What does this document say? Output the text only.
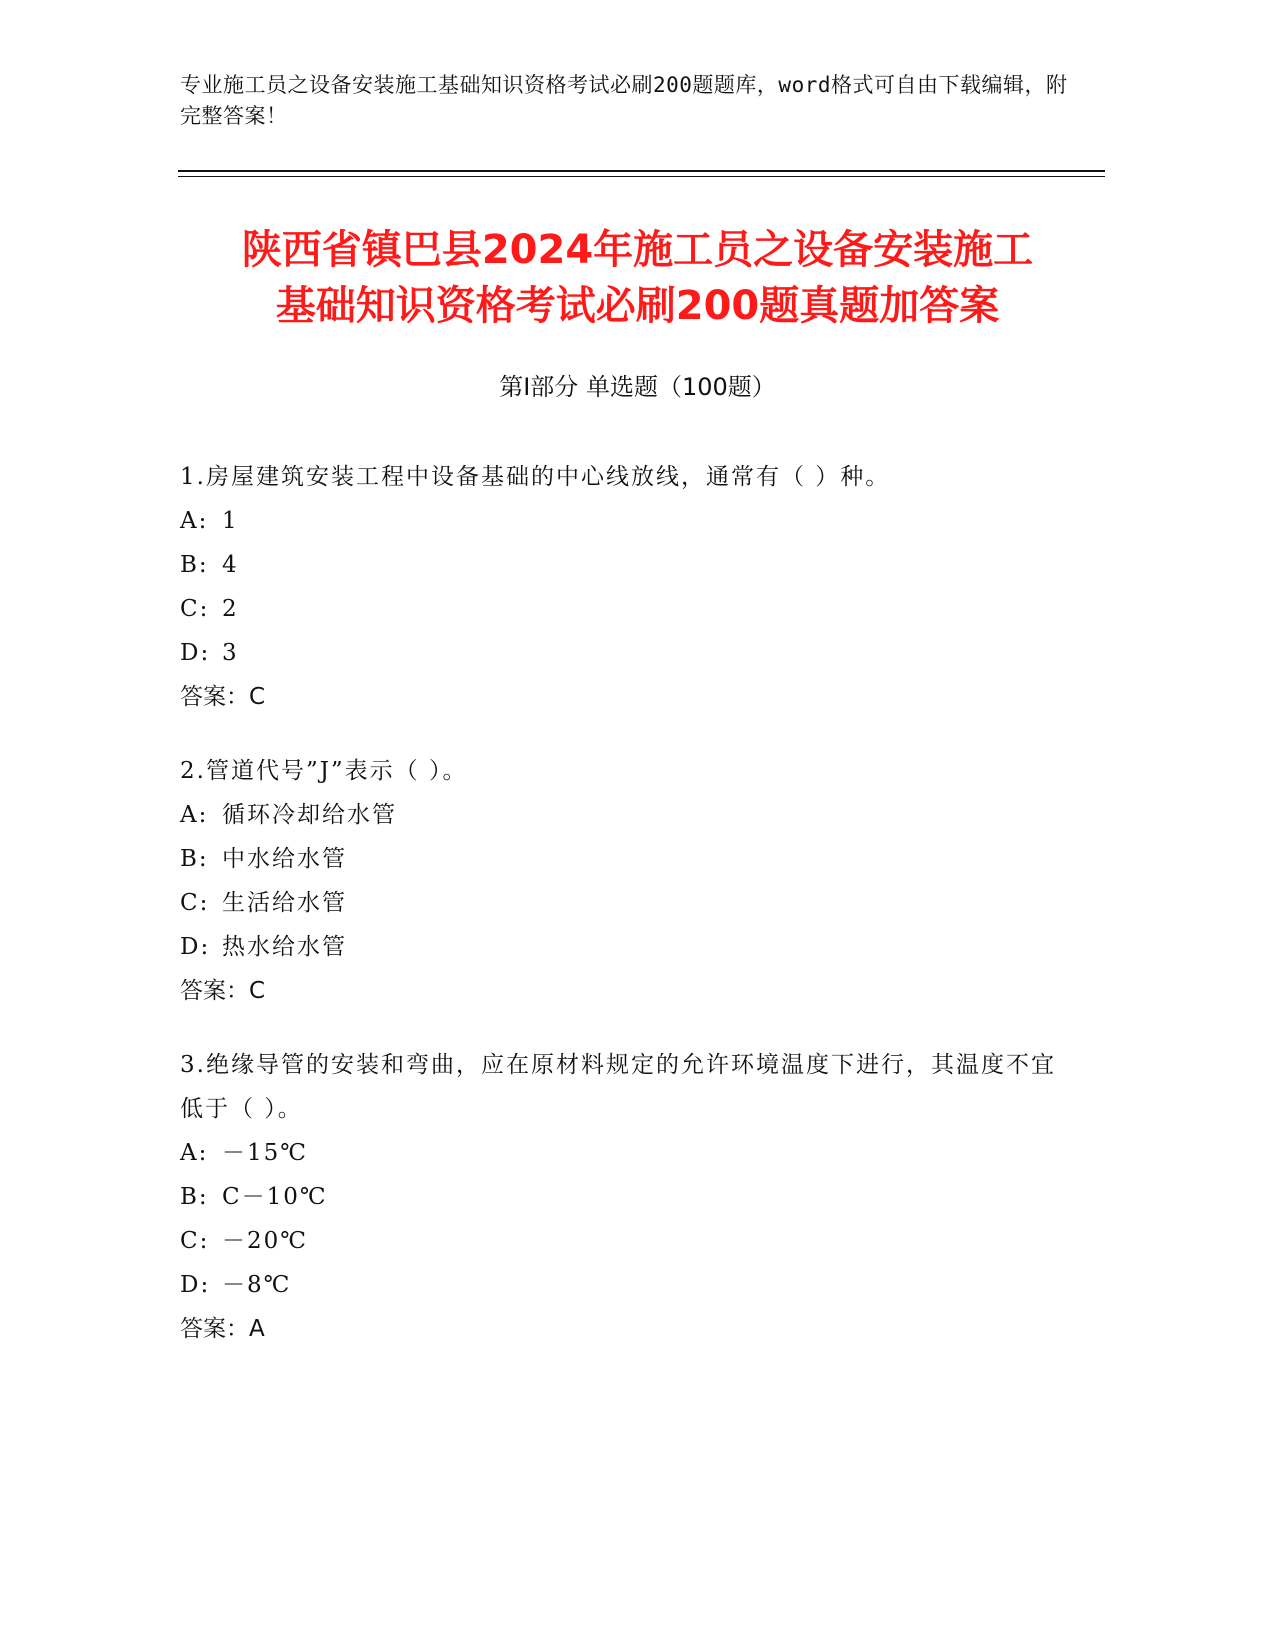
专业施工员之设备安装施工基础知识资格考试必刷200题题库，word格式可自由下载编辑，附完整答案！
陕西省镇巴县2024年施工员之设备安装施工
基础知识资格考试必刷200题真题加答案
第I部分 单选题（100题）

1.房屋建筑安装工程中设备基础的中心线放线，通常有（ ）种。

A: 1

B: 4

C: 2

D: 3

答案：C

2.管道代号”J”表示（ ）。

A: 循环冷却给水管

B: 中水给水管

C: 生活给水管

D: 热水给水管

答案：C

3.绝缘导管的安装和弯曲，应在原材料规定的允许环境温度下进行，其温度不宜低于（ ）。

A: －15℃

B: C－10℃

C: －20℃

D: －8℃

答案：A
